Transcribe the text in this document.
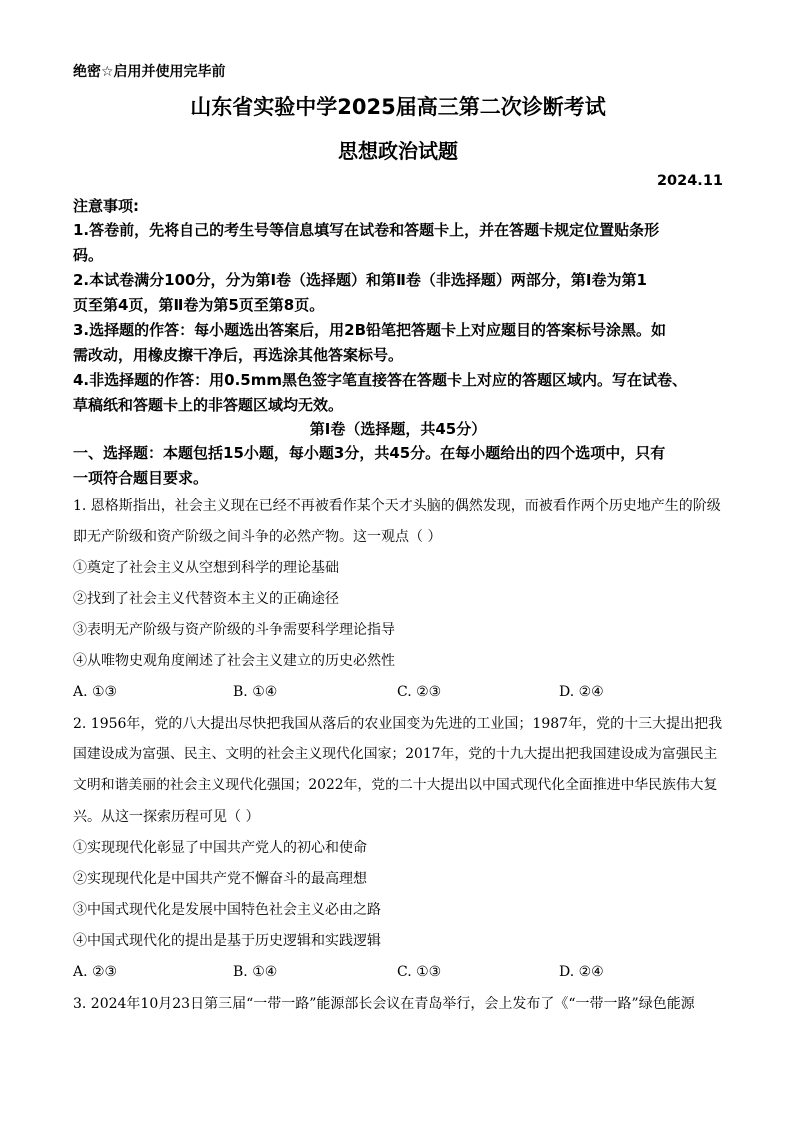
绝密☆启用并使用完毕前
山东省实验中学2025届高三第二次诊断考试
思想政治试题
2024.11
注意事项:
1.答卷前，先将自己的考生号等信息填写在试卷和答题卡上，并在答题卡规定位置贴条形
码。
2.本试卷满分100分，分为第Ⅰ卷（选择题）和第Ⅱ卷（非选择题）两部分，第Ⅰ卷为第1
页至第4页，第Ⅱ卷为第5页至第8页。
3.选择题的作答：每小题选出答案后，用2B铅笔把答题卡上对应题目的答案标号涂黑。如
需改动，用橡皮擦干净后，再选涂其他答案标号。
4.非选择题的作答：用0.5mm黑色签字笔直接答在答题卡上对应的答题区域内。写在试卷、
草稿纸和答题卡上的非答题区域均无效。
第Ⅰ卷（选择题，共45分）
一、选择题：本题包括15小题，每小题3分，共45分。在每小题给出的四个选项中，只有
一项符合题目要求。
1. 恩格斯指出，社会主义现在已经不再被看作某个天才头脑的偶然发现，而被看作两个历史地产生的阶级
即无产阶级和资产阶级之间斗争的必然产物。这一观点（ ）
①奠定了社会主义从空想到科学的理论基础
②找到了社会主义代替资本主义的正确途径
③表明无产阶级与资产阶级的斗争需要科学理论指导
④从唯物史观角度阐述了社会主义建立的历史必然性
A. ①③	B. ①④	C. ②③	D. ②④
2. 1956年，党的八大提出尽快把我国从落后的农业国变为先进的工业国；1987年，党的十三大提出把我
国建设成为富强、民主、文明的社会主义现代化国家；2017年，党的十九大提出把我国建设成为富强民主
文明和谐美丽的社会主义现代化强国；2022年，党的二十大提出以中国式现代化全面推进中华民族伟大复
兴。从这一探索历程可见（ ）
①实现现代化彰显了中国共产党人的初心和使命
②实现现代化是中国共产党不懈奋斗的最高理想
③中国式现代化是发展中国特色社会主义必由之路
④中国式现代化的提出是基于历史逻辑和实践逻辑
A. ②③	B. ①④	C. ①③	D. ②④
3. 2024年10月23日第三届“一带一路”能源部长会议在青岛举行，会上发布了《“一带一路”绿色能源
